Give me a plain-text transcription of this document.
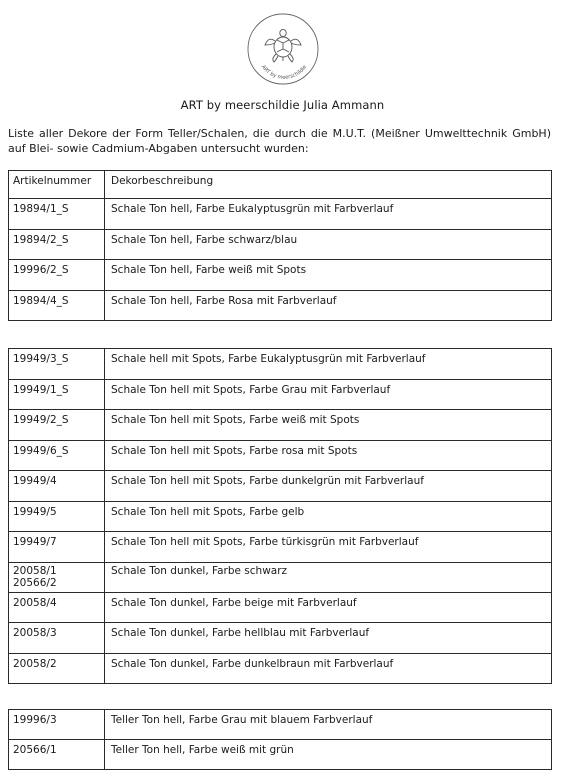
ART by meerschildie
ART by meerschildie Julia Ammann
Liste aller Dekore der Form Teller/Schalen, die durch die M.U.T. (Meißner Umwelttechnik GmbH) auf Blei- sowie Cadmium-Abgaben untersucht wurden:
Artikelnummer	Dekorbeschreibung
19894/1_S	Schale Ton hell, Farbe Eukalyptusgrün mit Farbverlauf
19894/2_S	Schale Ton hell, Farbe schwarz/blau
19996/2_S	Schale Ton hell, Farbe weiß mit Spots
19894/4_S	Schale Ton hell, Farbe Rosa mit Farbverlauf
19949/3_S	Schale hell mit Spots, Farbe Eukalyptusgrün mit Farbverlauf
19949/1_S	Schale Ton hell mit Spots, Farbe Grau mit Farbverlauf
19949/2_S	Schale Ton hell mit Spots, Farbe weiß mit Spots
19949/6_S	Schale Ton hell mit Spots, Farbe rosa mit Spots
19949/4	Schale Ton hell mit Spots, Farbe dunkelgrün mit Farbverlauf
19949/5	Schale Ton hell mit Spots, Farbe gelb
19949/7	Schale Ton hell mit Spots, Farbe türkisgrün mit Farbverlauf

20058/1
20566/2	Schale Ton dunkel, Farbe schwarz
20058/4	Schale Ton dunkel, Farbe beige mit Farbverlauf
20058/3	Schale Ton dunkel, Farbe hellblau mit Farbverlauf
20058/2	Schale Ton dunkel, Farbe dunkelbraun mit Farbverlauf
19996/3	Teller Ton hell, Farbe Grau mit blauem Farbverlauf
20566/1	Teller Ton hell, Farbe weiß mit grün
